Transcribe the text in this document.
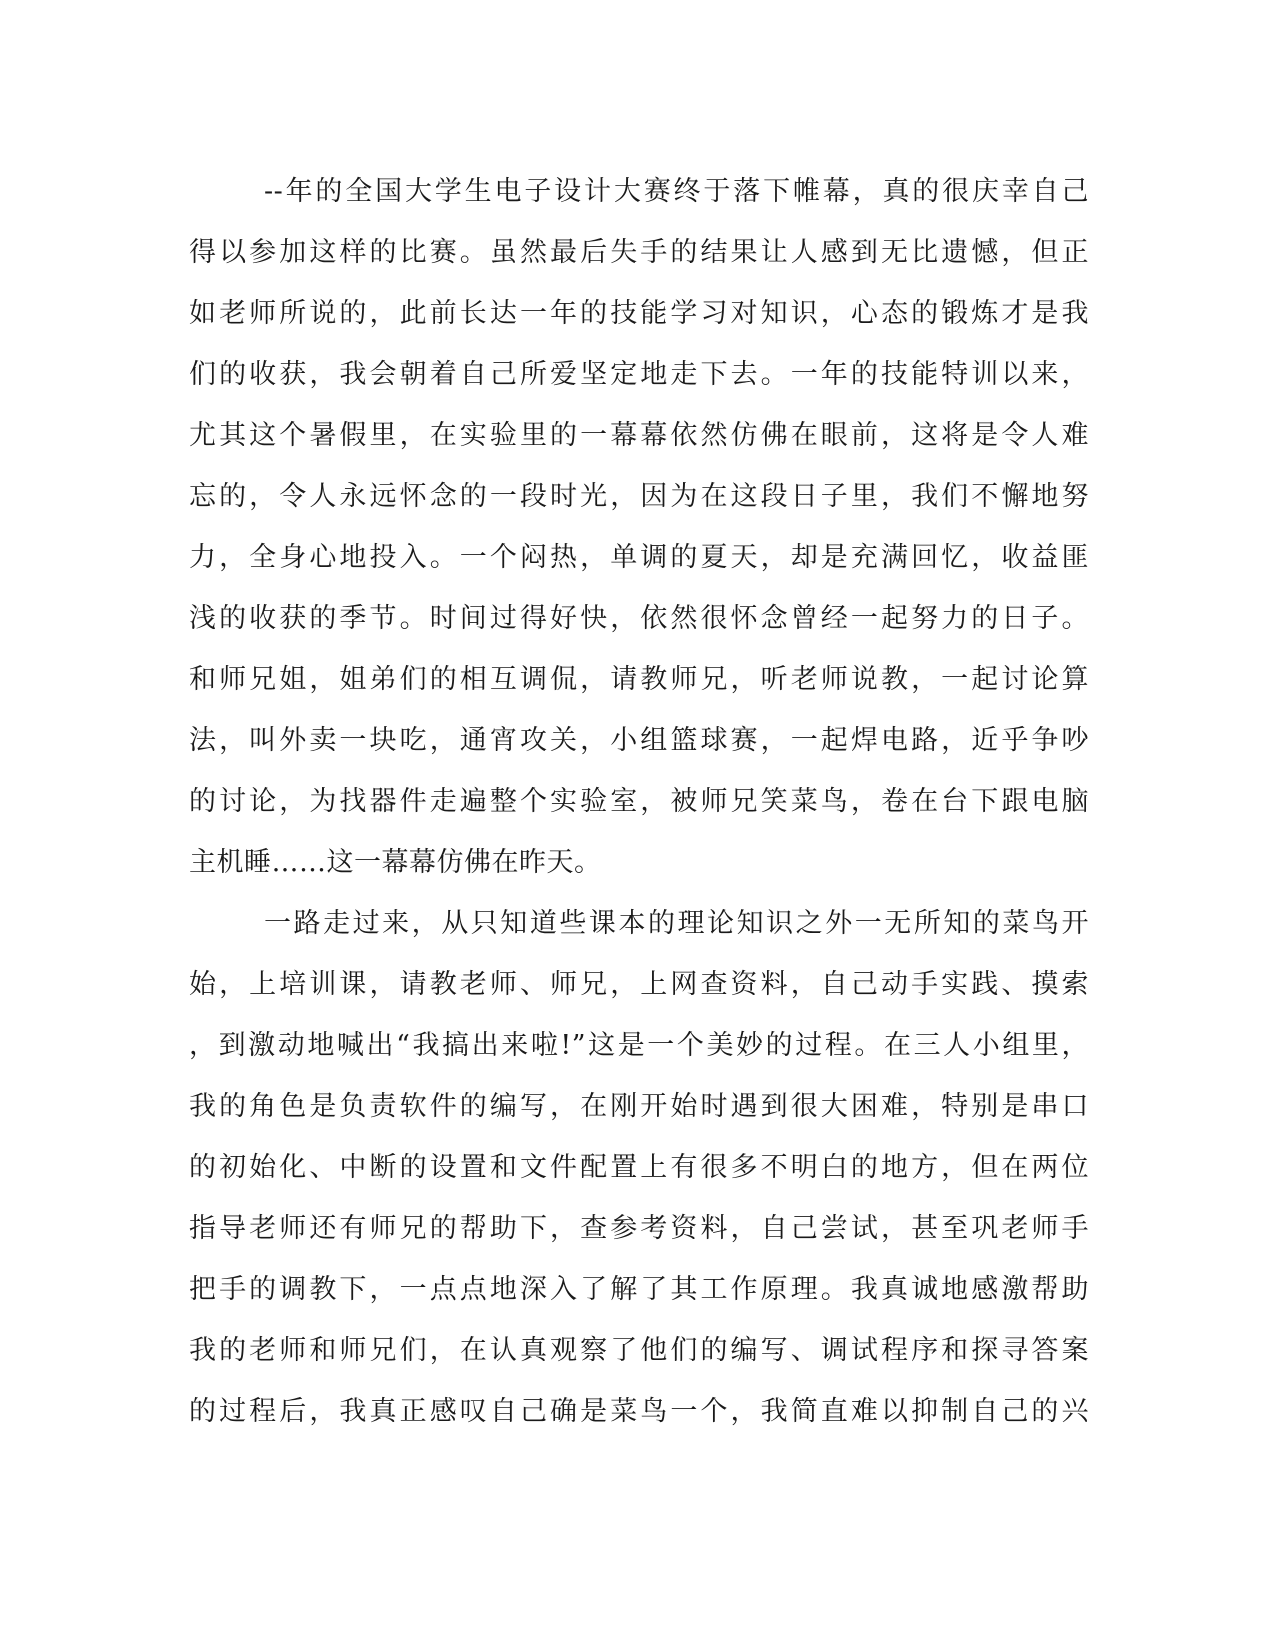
--年的全国大学生电子设计大赛终于落下帷幕，真的很庆幸自己
得以参加这样的比赛。虽然最后失手的结果让人感到无比遗憾，但正
如老师所说的，此前长达一年的技能学习对知识，心态的锻炼才是我
们的收获，我会朝着自己所爱坚定地走下去。一年的技能特训以来，
尤其这个暑假里，在实验里的一幕幕依然仿佛在眼前，这将是令人难
忘的，令人永远怀念的一段时光，因为在这段日子里，我们不懈地努
力，全身心地投入。一个闷热，单调的夏天，却是充满回忆，收益匪
浅的收获的季节。时间过得好快，依然很怀念曾经一起努力的日子。
和师兄姐，姐弟们的相互调侃，请教师兄，听老师说教，一起讨论算
法，叫外卖一块吃，通宵攻关，小组篮球赛，一起焊电路，近乎争吵
的讨论，为找器件走遍整个实验室，被师兄笑菜鸟，卷在台下跟电脑
主机睡……这一幕幕仿佛在昨天。
一路走过来，从只知道些课本的理论知识之外一无所知的菜鸟开
始，上培训课，请教老师、师兄，上网查资料，自己动手实践、摸索
，到激动地喊出“我搞出来啦!”这是一个美妙的过程。在三人小组里，
我的角色是负责软件的编写，在刚开始时遇到很大困难，特别是串口
的初始化、中断的设置和文件配置上有很多不明白的地方，但在两位
指导老师还有师兄的帮助下，查参考资料，自己尝试，甚至巩老师手
把手的调教下，一点点地深入了解了其工作原理。我真诚地感激帮助
我的老师和师兄们，在认真观察了他们的编写、调试程序和探寻答案
的过程后，我真正感叹自己确是菜鸟一个，我简直难以抑制自己的兴
